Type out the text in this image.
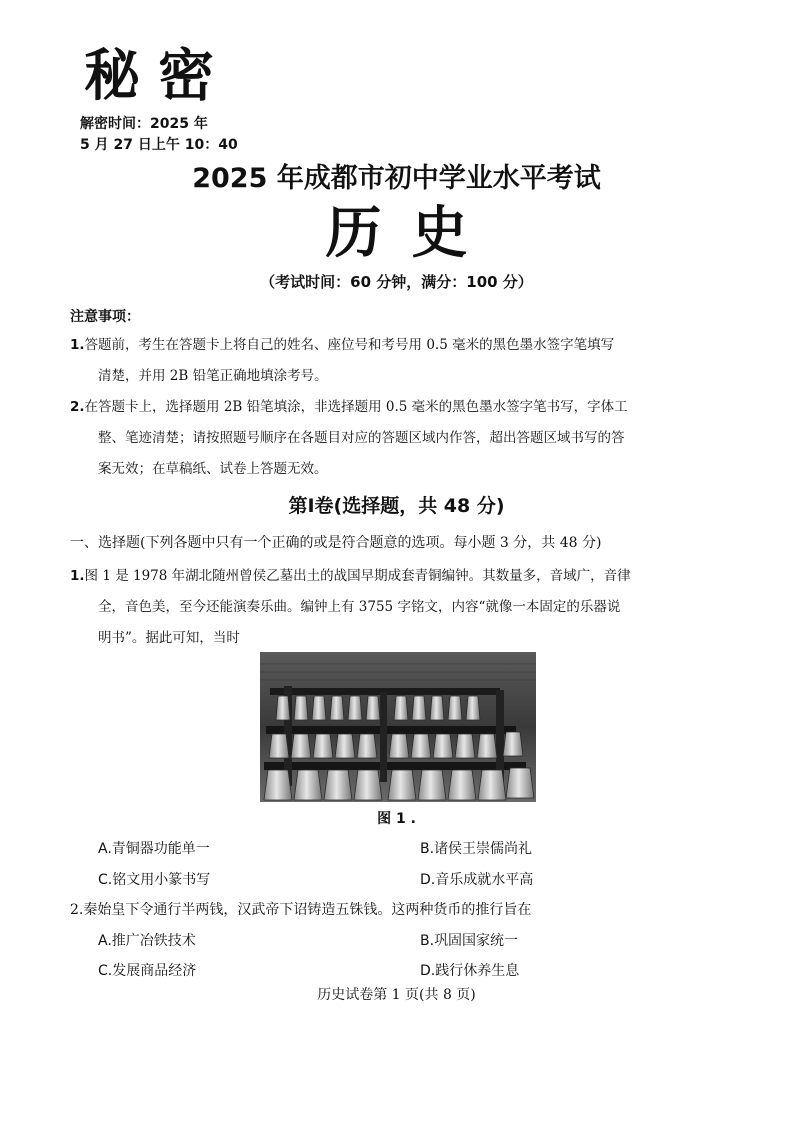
秘密
解密时间：2025 年
5 月 27 日上午 10：40
2025 年成都市初中学业水平考试
历史
（考试时间：60 分钟，满分：100 分）
注意事项：
1.答题前，考生在答题卡上将自己的姓名、座位号和考号用 0.5 毫米的黑色墨水签字笔填写
清楚，并用 2B 铅笔正确地填涂考号。
2.在答题卡上，选择题用 2B 铅笔填涂，非选择题用 0.5 毫米的黑色墨水签字笔书写，字体工
整、笔迹清楚；请按照题号顺序在各题目对应的答题区域内作答，超出答题区域书写的答
案无效；在草稿纸、试卷上答题无效。
第Ⅰ卷(选择题，共 48 分)
一、选择题(下列各题中只有一个正确的或是符合题意的选项。每小题 3 分，共 48 分)
1.图 1 是 1978 年湖北随州曾侯乙墓出土的战国早期成套青铜编钟。其数量多，音域广，音律
全，音色美，至今还能演奏乐曲。编钟上有 3755 字铭文，内容“就像一本固定的乐器说
明书”。据此可知，当时
图 1 .
A.青铜器功能单一	B.诸侯王崇儒尚礼
C.铭文用小篆书写	D.音乐成就水平高
2.秦始皇下令通行半两钱，汉武帝下诏铸造五铢钱。这两种货币的推行旨在
A.推广冶铁技术	B.巩固国家统一
C.发展商品经济	D.践行休养生息
历史试卷第 1 页(共 8 页)
